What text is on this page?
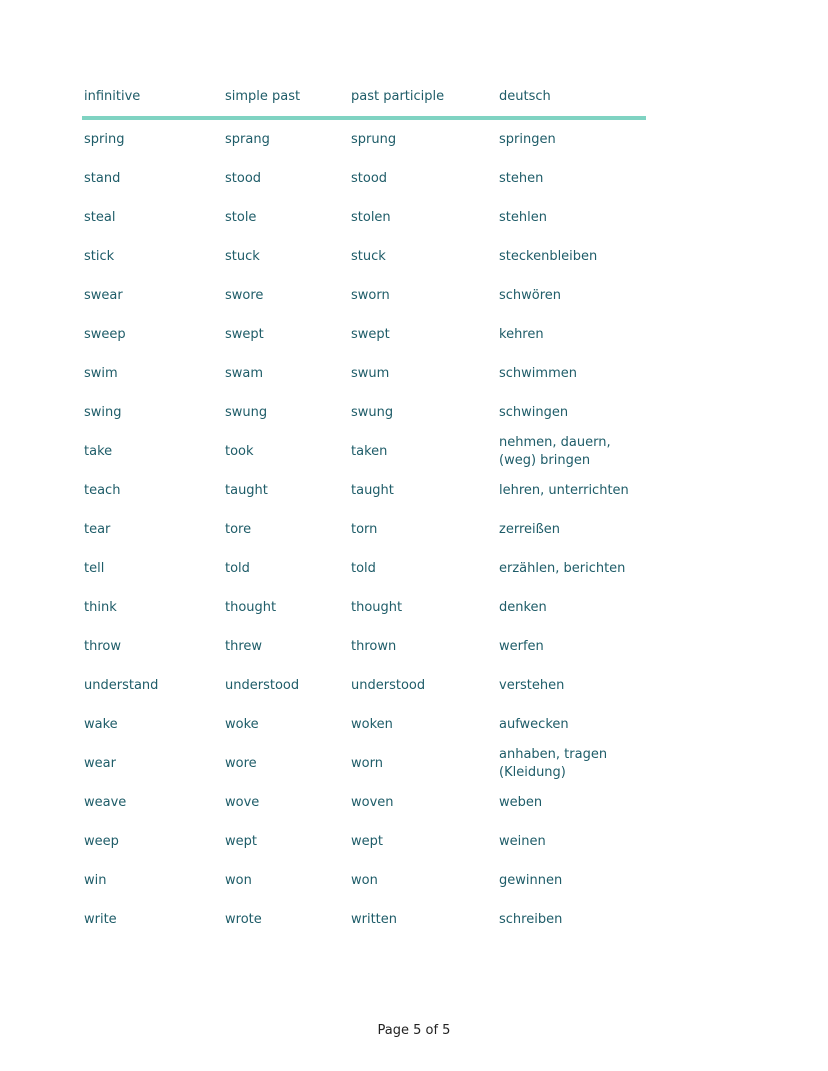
infinitive	simple past	past participle	deutsch
spring	sprang	sprung	springen
stand	stood	stood	stehen
steal	stole	stolen	stehlen
stick	stuck	stuck	steckenbleiben
swear	swore	sworn	schwören
sweep	swept	swept	kehren
swim	swam	swum	schwimmen
swing	swung	swung	schwingen
take	took	taken	nehmen, dauern, (weg) bringen
teach	taught	taught	lehren, unterrichten
tear	tore	torn	zerreißen
tell	told	told	erzählen, berichten
think	thought	thought	denken
throw	threw	thrown	werfen
understand	understood	understood	verstehen
wake	woke	woken	aufwecken
wear	wore	worn	anhaben, tragen (Kleidung)
weave	wove	woven	weben
weep	wept	wept	weinen
win	won	won	gewinnen
write	wrote	written	schreiben
Page 5 of 5
